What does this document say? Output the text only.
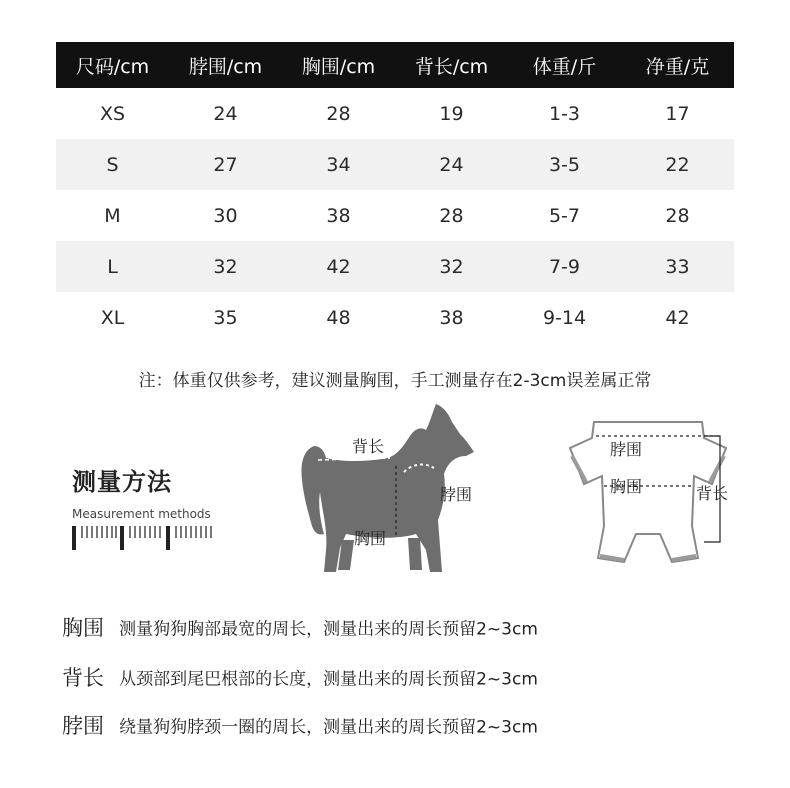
尺码/cm	脖围/cm	胸围/cm	背长/cm	体重/斤	净重/克
XS	24	28	19	1-3	17
S	27	34	24	3-5	22
M	30	38	28	5-7	28
L	32	42	32	7-9	33
XL	35	48	38	9-14	42
注：体重仅供参考，建议测量胸围，手工测量存在2-3cm误差属正常
测量方法
Measurement methods
背长
脖围
胸围
脖围
胸围	背长
胸围 测量狗狗胸部最宽的周长，测量出来的周长预留2~3cm
背长 从颈部到尾巴根部的长度，测量出来的周长预留2~3cm
脖围 绕量狗狗脖颈一圈的周长，测量出来的周长预留2~3cm
